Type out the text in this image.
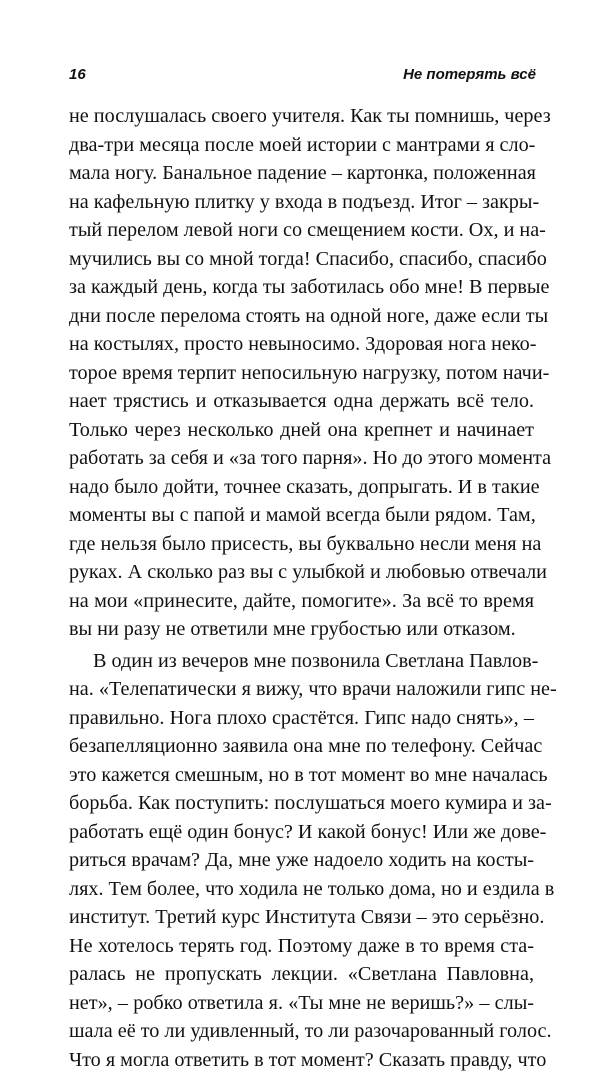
16	Не потерять всё
не послушалась своего учителя. Как ты помнишь, через
два-три месяца после моей истории с мантрами я сло-
мала ногу. Банальное падение – картонка, положенная
на кафельную плитку у входа в подъезд. Итог – закры-
тый перелом левой ноги со смещением кости. Ох, и на-
мучились вы со мной тогда! Спасибо, спасибо, спасибо
за каждый день, когда ты заботилась обо мне! В первые
дни после перелома стоять на одной ноге, даже если ты
на костылях, просто невыносимо. Здоровая нога неко-
торое время терпит непосильную нагрузку, потом начи-
нает трястись и отказывается одна держать всё тело.
Только через несколько дней она крепнет и начинает
работать за себя и «за того парня». Но до этого момента
надо было дойти, точнее сказать, допрыгать. И в такие
моменты вы с папой и мамой всегда были рядом. Там,
где нельзя было присесть, вы буквально несли меня на
руках. А сколько раз вы с улыбкой и любовью отвечали
на мои «принесите, дайте, помогите». За всё то время
вы ни разу не ответили мне грубостью или отказом.
В один из вечеров мне позвонила Светлана Павлов-
на. «Телепатически я вижу, что врачи наложили гипс не-
правильно. Нога плохо срастётся. Гипс надо снять», –
безапелляционно заявила она мне по телефону. Сейчас
это кажется смешным, но в тот момент во мне началась
борьба. Как поступить: послушаться моего кумира и за-
работать ещё один бонус? И какой бонус! Или же дове-
риться врачам? Да, мне уже надоело ходить на косты-
лях. Тем более, что ходила не только дома, но и ездила в
институт. Третий курс Института Связи – это серьёзно.
Не хотелось терять год. Поэтому даже в то время ста-
ралась не пропускать лекции. «Светлана Павловна,
нет», – робко ответила я. «Ты мне не веришь?» – слы-
шала её то ли удивленный, то ли разочарованный голос.
Что я могла ответить в тот момент? Сказать правду, что
